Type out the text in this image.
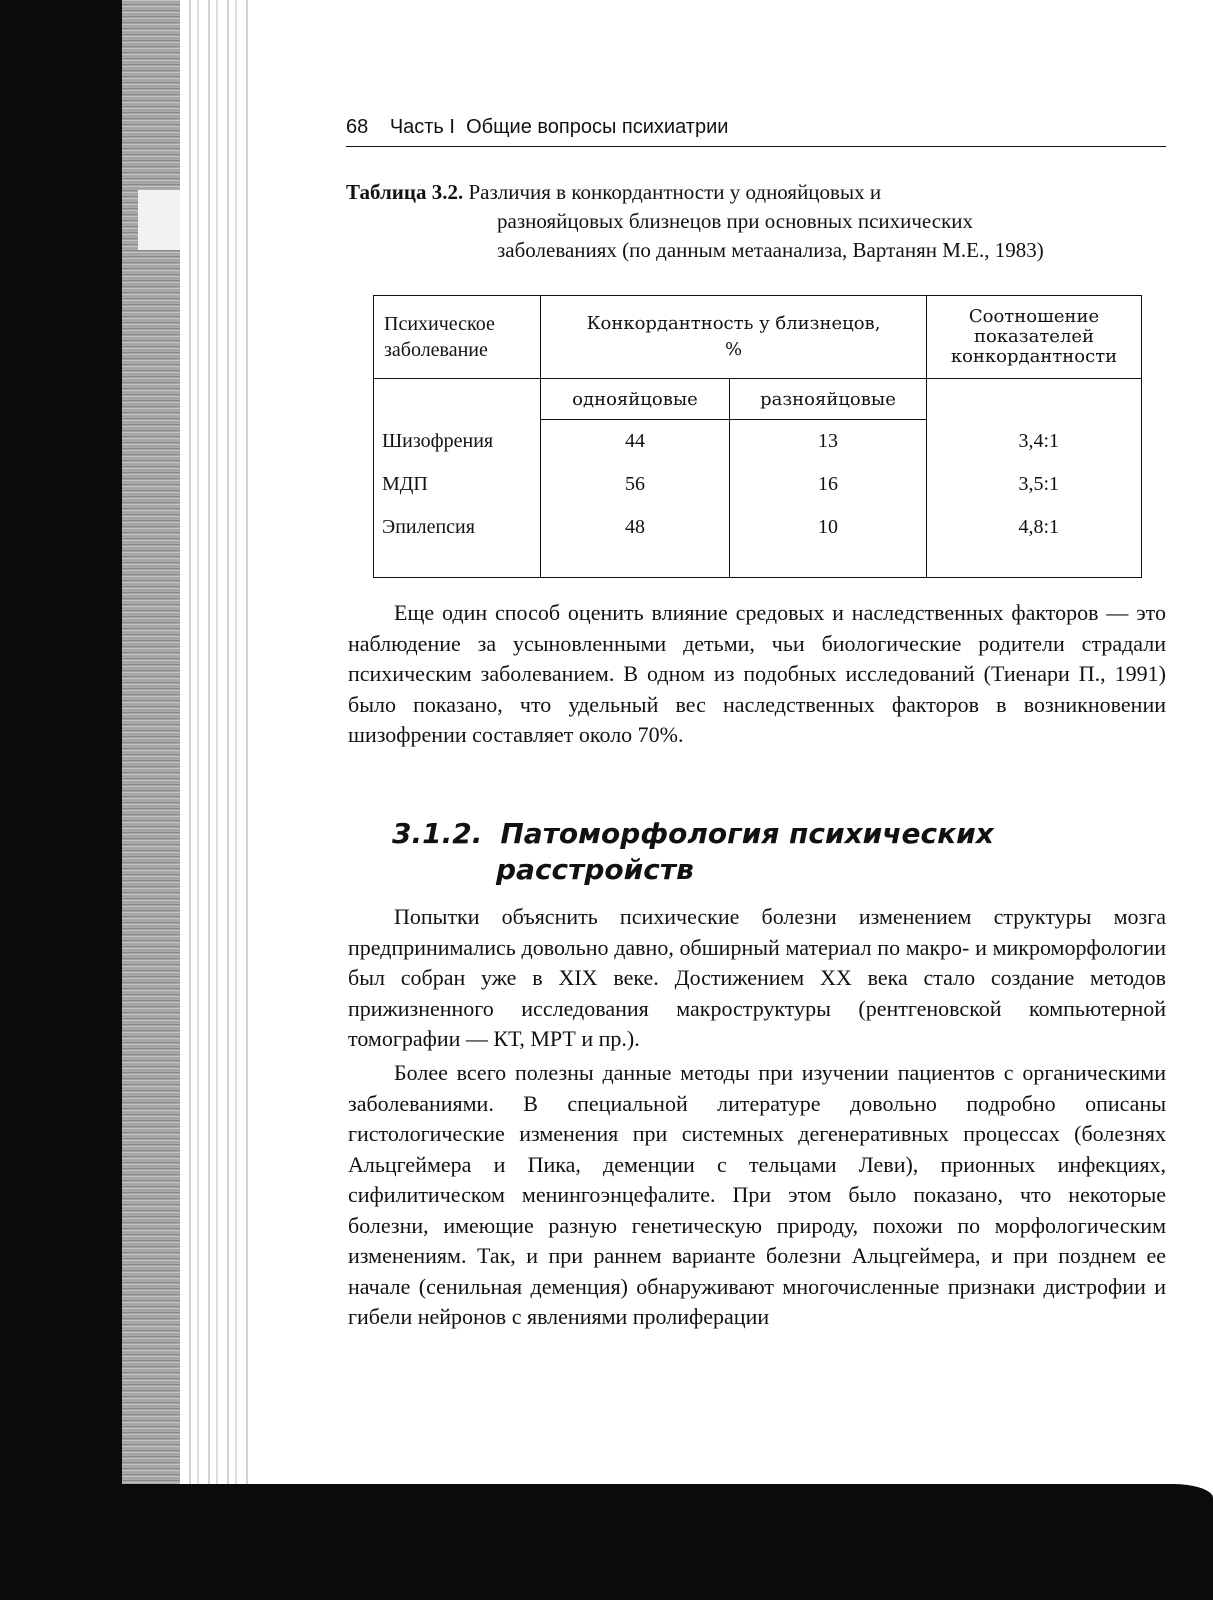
68 Часть I  Общие вопросы психиатрии
Таблица 3.2. Различия в конкордантности у однояйцовых и
разнояйцовых близнецов при основных психических
заболеваниях (по данным метаанализа, Вартанян М.Е., 1983)
Психическое заболевание	Конкордантность у близнецов, %		Соотношение показателей конкордантности
	однояйцовые	разнояйцовые	
Шизофрения	44	13	3,4:1
МДП	56	16	3,5:1
Эпилепсия	48	10	4,8:1

Еще один способ оценить влияние средовых и наследственных факторов — это наблюдение за усыновленными детьми, чьи биологические родители страдали психическим заболеванием. В одном из подобных исследований (Тиенари П., 1991) было показано, что удельный вес наследственных факторов в возникновении шизофрении составляет около 70%.

3.1.2. Патоморфология психических
расстройств

Попытки объяснить психические болезни изменением структуры мозга предпринимались довольно давно, обширный материал по макро- и микроморфологии был собран уже в XIX веке. Достижением XX века стало создание методов прижизненного исследования макроструктуры (рентгеновской компьютерной томографии — КТ, МРТ и пр.).

Более всего полезны данные методы при изучении пациентов с органическими заболеваниями. В специальной литературе довольно подробно описаны гистологические изменения при системных дегенеративных процессах (болезнях Альцгеймера и Пика, деменции с тельцами Леви), прионных инфекциях, сифилитическом менингоэнцефалите. При этом было показано, что некоторые болезни, имеющие разную генетическую природу, похожи по морфологическим изменениям. Так, и при раннем варианте болезни Альцгеймера, и при позднем ее начале (сенильная деменция) обнаруживают многочисленные признаки дистрофии и гибели нейронов с явлениями пролиферации
